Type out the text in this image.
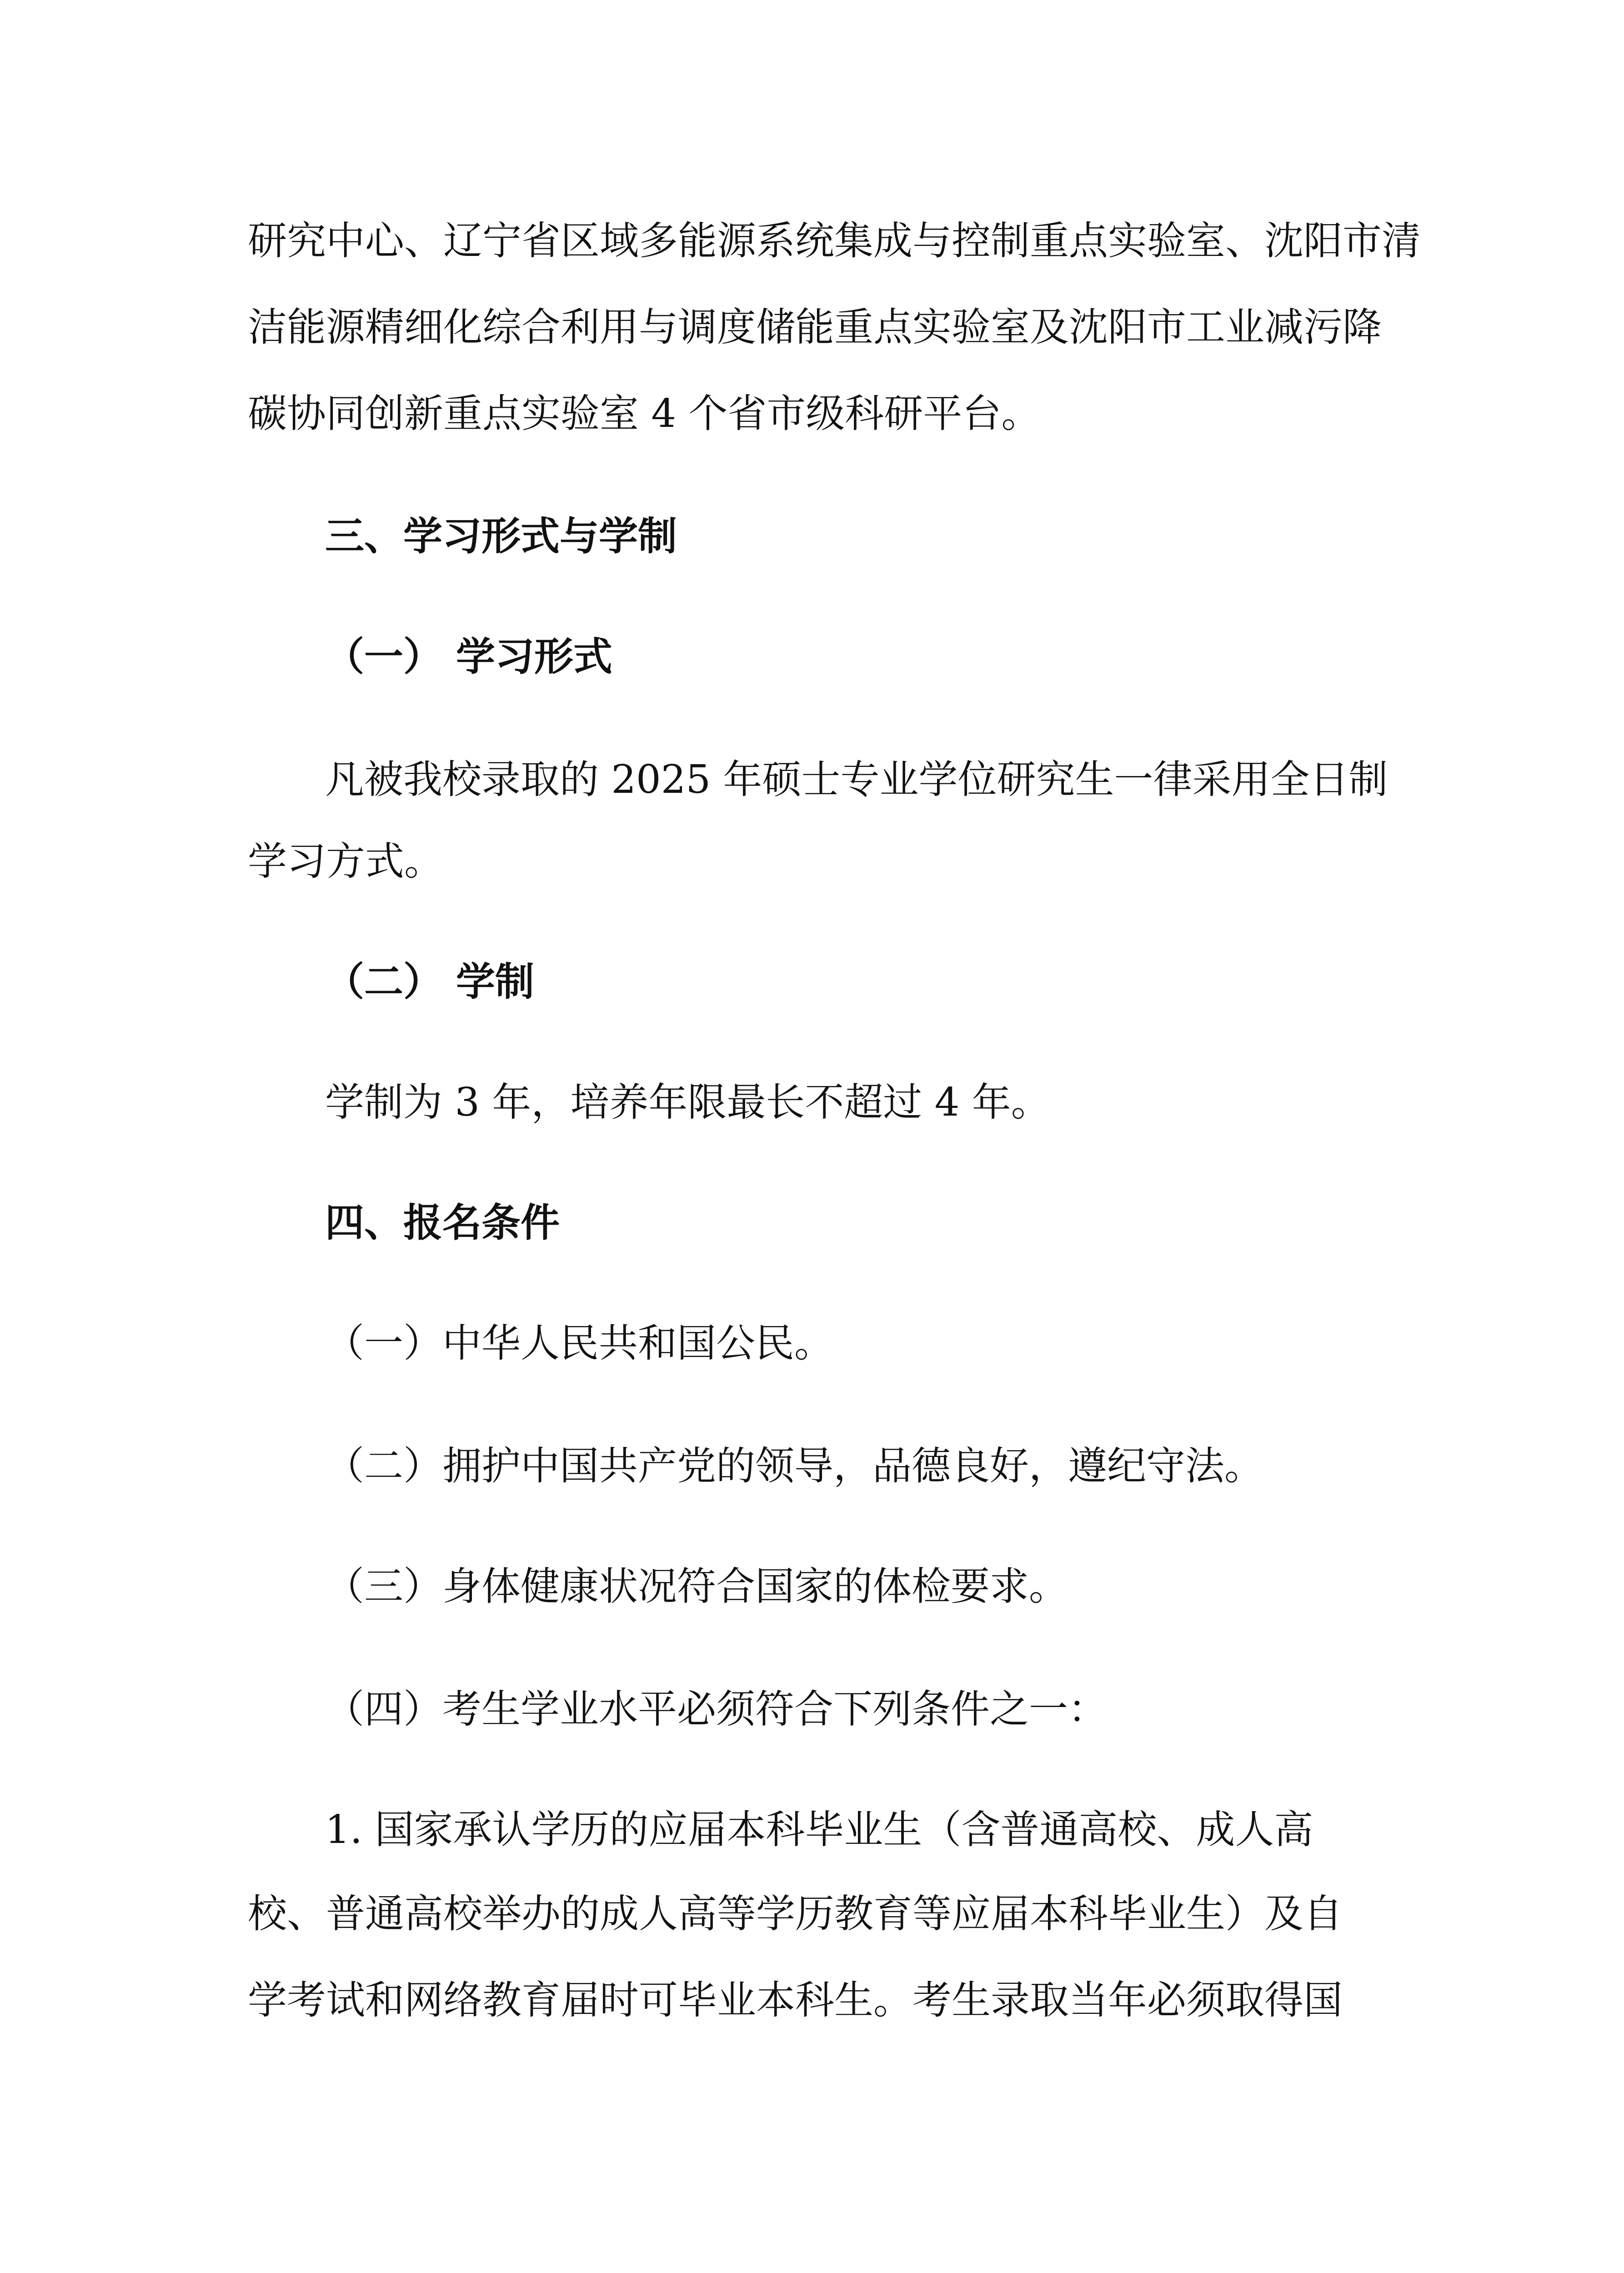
研究中心、辽宁省区域多能源系统集成与控制重点实验室、沈阳市清
洁能源精细化综合利用与调度储能重点实验室及沈阳市工业减污降
碳协同创新重点实验室 4 个省市级科研平台。
三、学习形式与学制
（一） 学习形式
凡被我校录取的 2025 年硕士专业学位研究生一律采用全日制
学习方式。
（二） 学制
学制为 3 年，培养年限最长不超过 4 年。
四、报名条件
（一）中华人民共和国公民。
（二）拥护中国共产党的领导，品德良好，遵纪守法。
（三）身体健康状况符合国家的体检要求。
（四）考生学业水平必须符合下列条件之一：
1. 国家承认学历的应届本科毕业生（含普通高校、成人高
校、普通高校举办的成人高等学历教育等应届本科毕业生）及自
学考试和网络教育届时可毕业本科生。考生录取当年必须取得国
